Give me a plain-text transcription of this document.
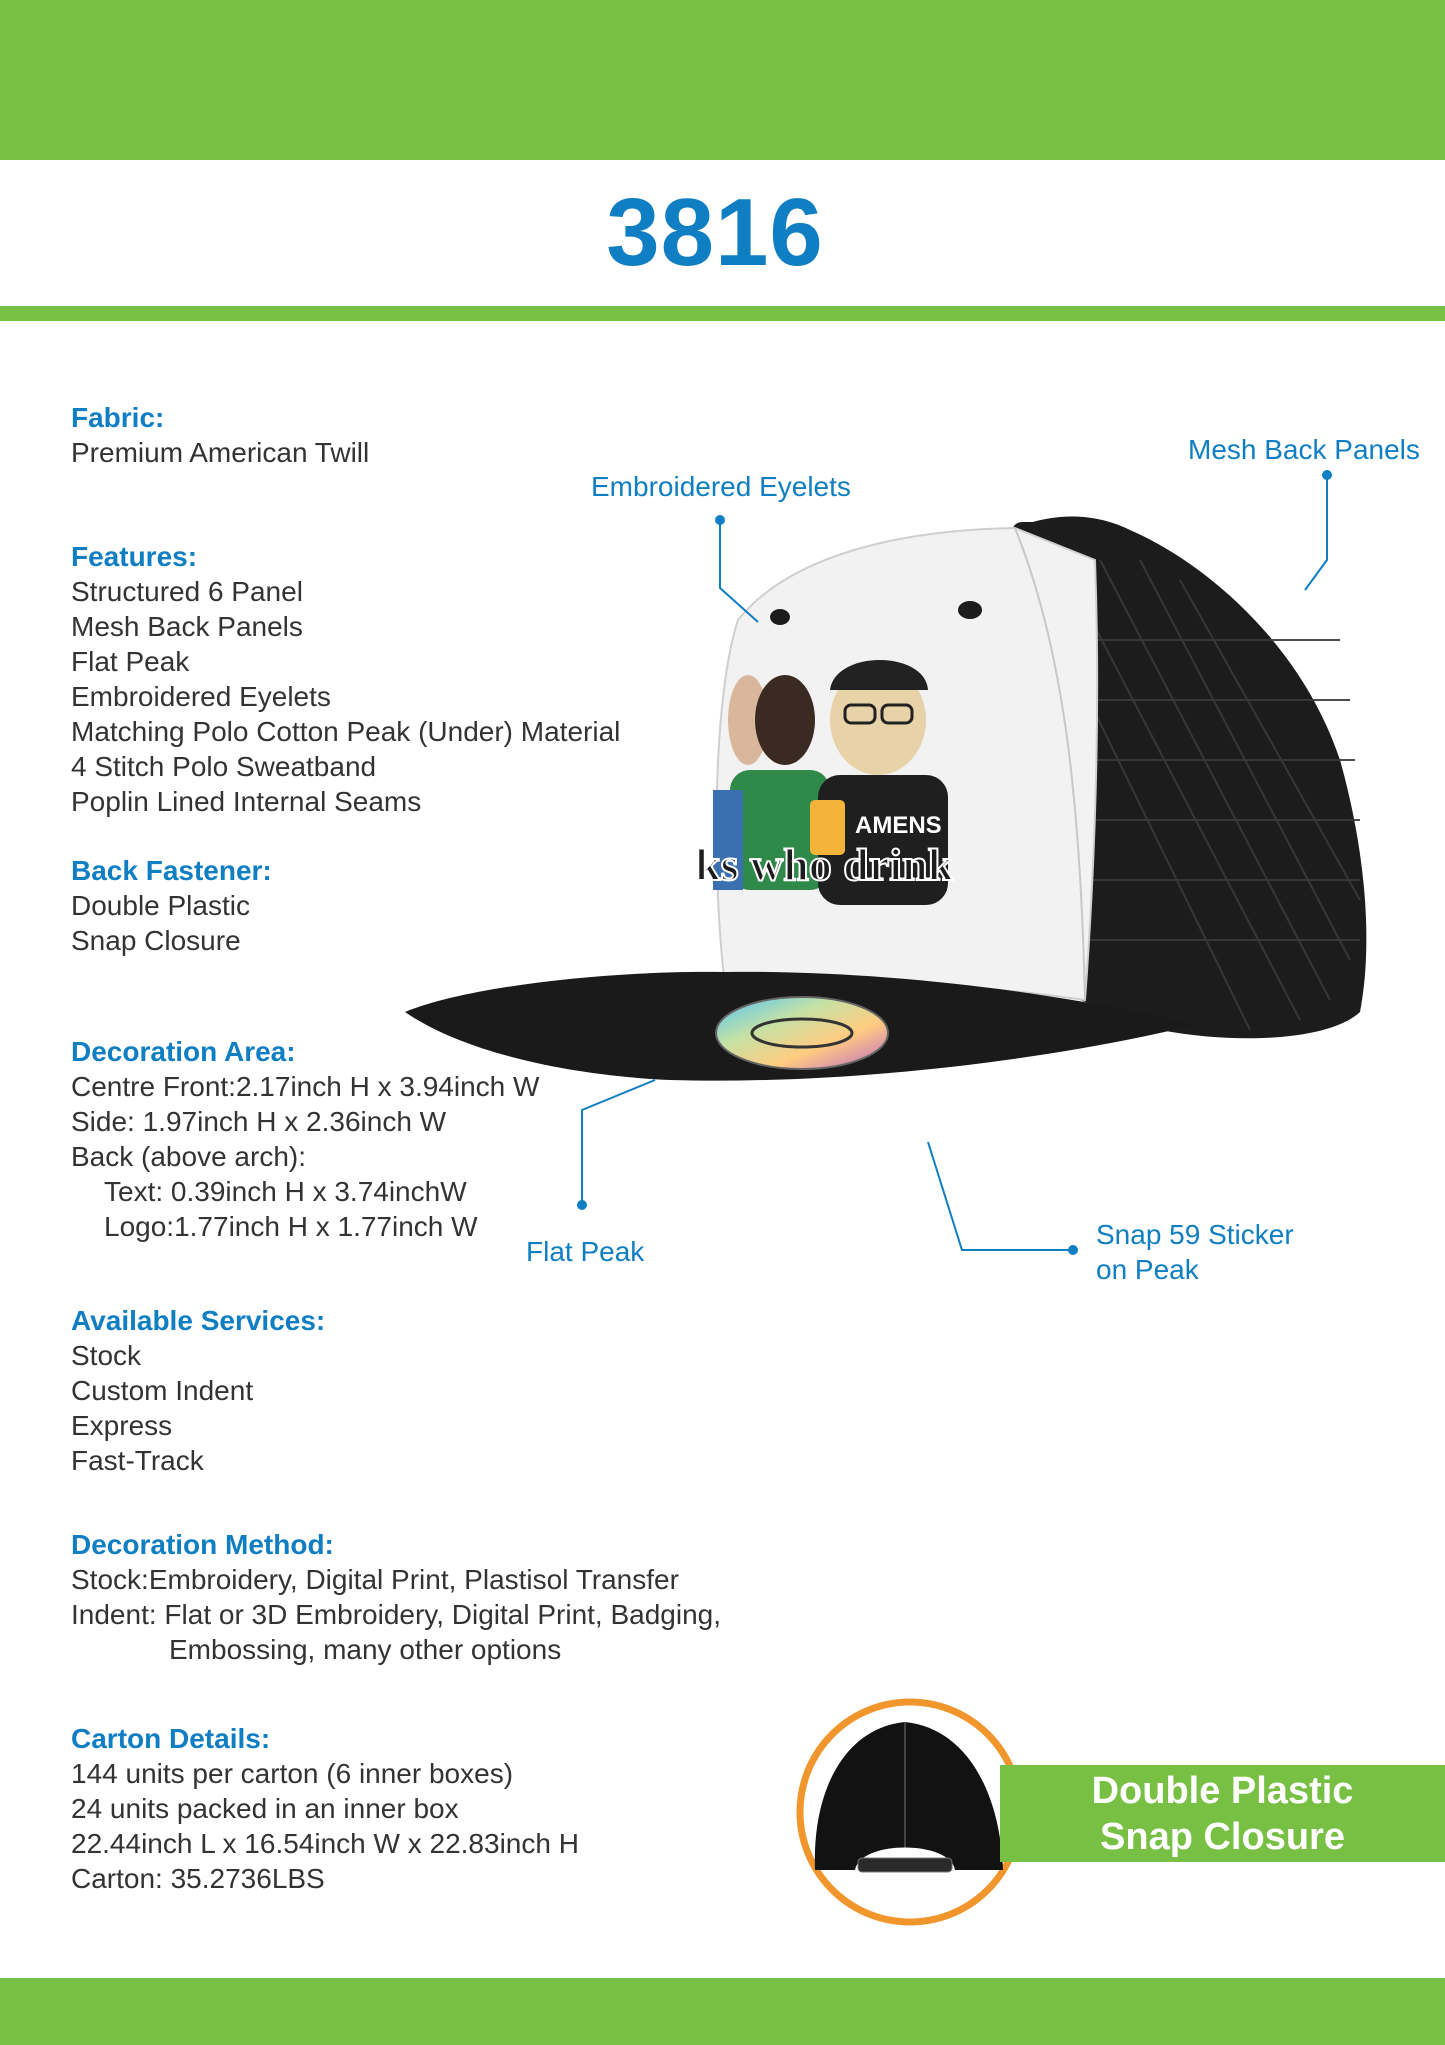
3816
Fabric:
Premium American Twill
Features:
Structured 6 Panel
Mesh Back Panels
Flat Peak
Embroidered Eyelets
Matching Polo Cotton Peak (Under) Material
4 Stitch Polo Sweatband
Poplin Lined Internal Seams
Back Fastener:
Double Plastic
Snap Closure
Decoration Area:
Centre Front:2.17inch H x 3.94inch W
Side: 1.97inch H x 2.36inch W
Back (above arch):
Text: 0.39inch H x 3.74inchW
Logo:1.77inch H x 1.77inch W
Available Services:
Stock
Custom Indent
Express
Fast-Track
Decoration Method:
Stock:Embroidery, Digital Print, Plastisol Transfer
Indent: Flat or 3D Embroidery, Digital Print, Badging,
Embossing, many other options
Carton Details:
144 units per carton (6 inner boxes)
24 units packed in an inner box
22.44inch L x 16.54inch W x 22.83inch H
Carton: 35.2736LBS
AMENS
ks who drink
Embroidered Eyelets
Mesh Back Panels
Flat Peak
Snap 59 Sticker
on Peak
Double Plastic
Snap Closure
